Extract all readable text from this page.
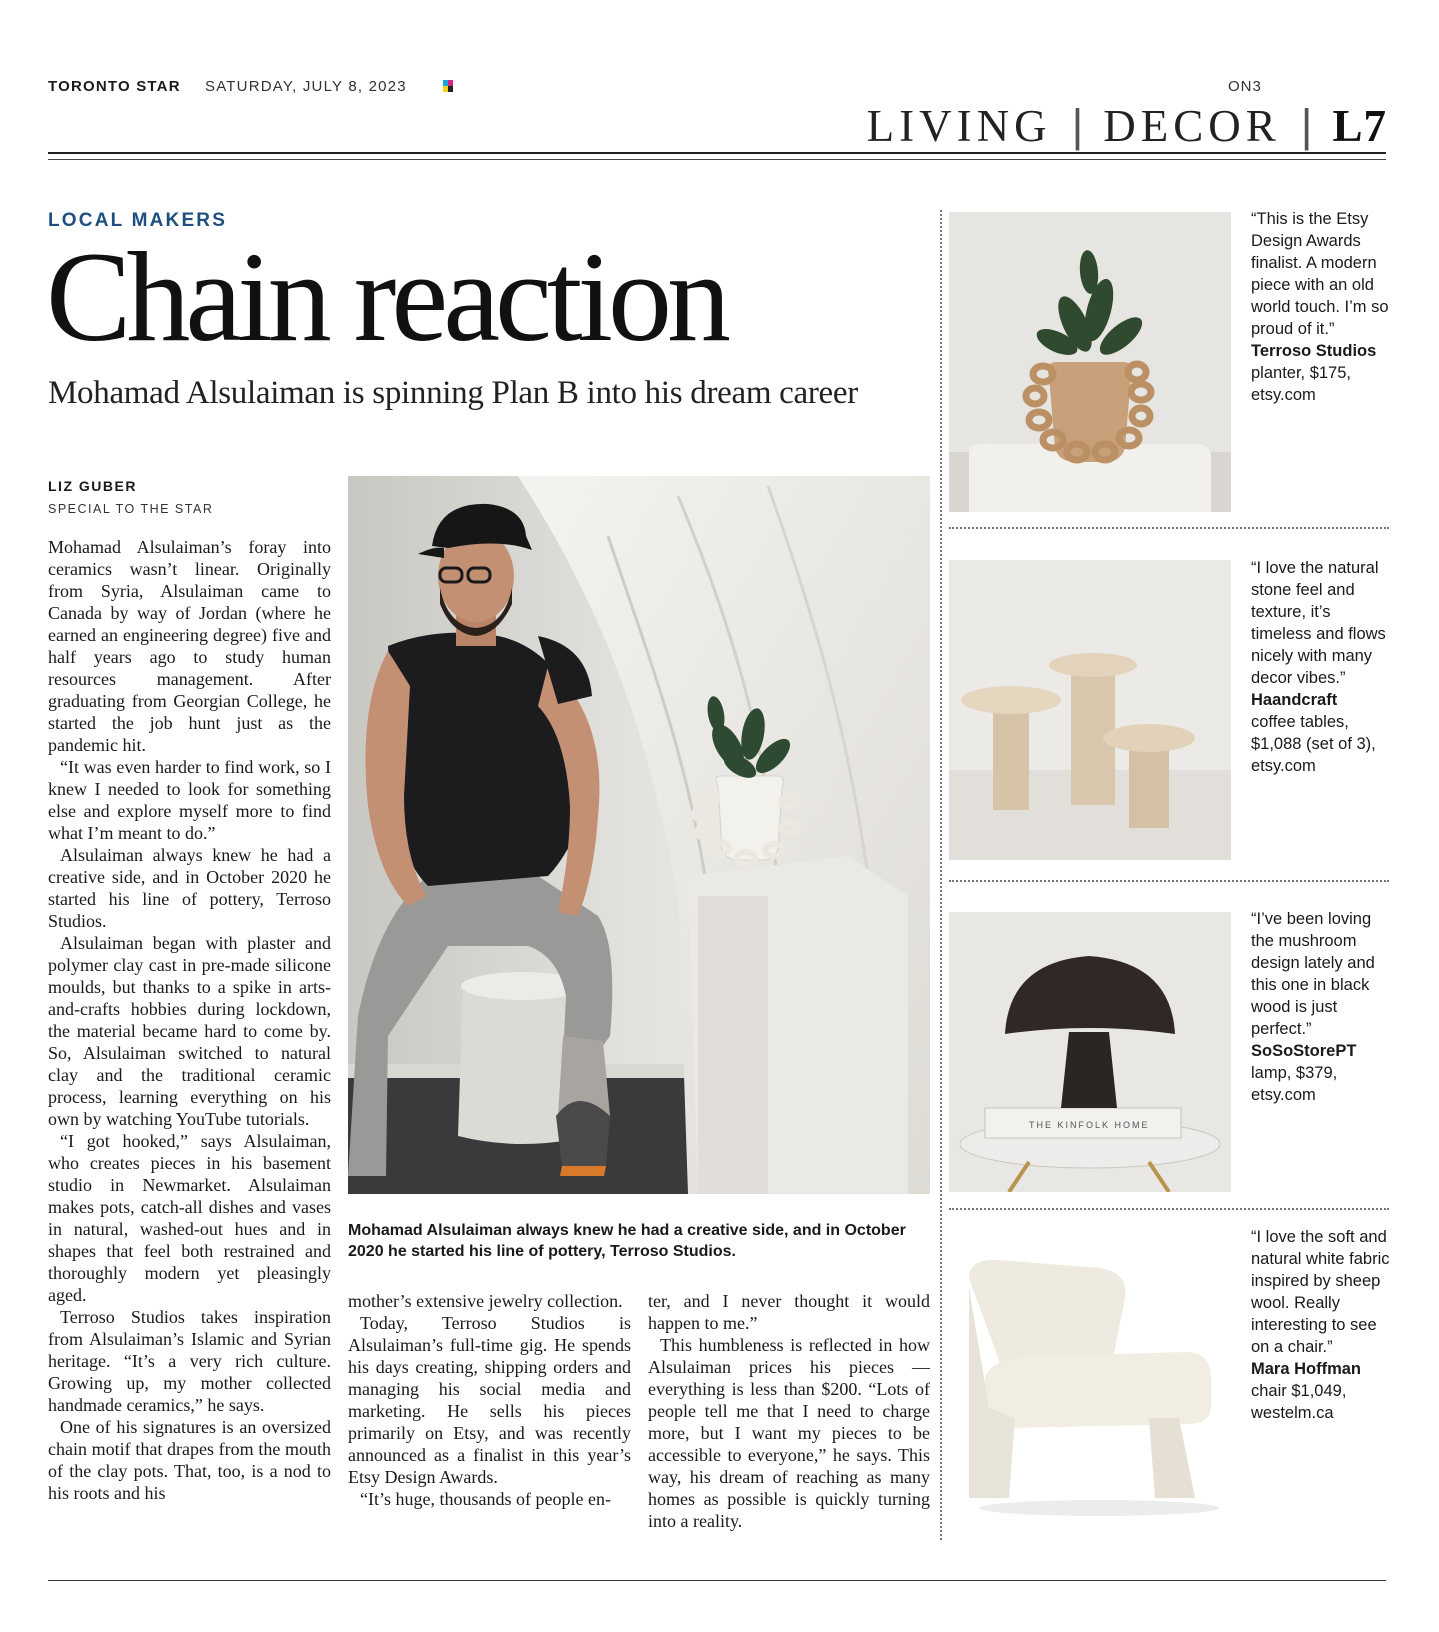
TORONTO STAR SATURDAY, JULY 8, 2023	ON3
LIVING | DECOR | L7
LOCAL MAKERS
Chain reaction
Mohamad Alsulaiman is spinning Plan B into his dream career
LIZ GUBER
SPECIAL TO THE STAR

Mohamad Alsulaiman’s foray into ceramics wasn’t linear. Originally from Syria, Alsulaiman came to Canada by way of Jordan (where he earned an engineering degree) five and half years ago to study human resources management. After graduating from Georgian College, he started the job hunt just as the pandemic hit.

“It was even harder to find work, so I knew I needed to look for something else and explore myself more to find what I’m meant to do.”

Alsulaiman always knew he had a creative side, and in October 2020 he started his line of pottery, Terroso Studios.

Alsulaiman began with plaster and polymer clay cast in pre-made silicone moulds, but thanks to a spike in arts-and-crafts hobbies during lockdown, the material became hard to come by. So, Alsulaiman switched to natural clay and the traditional ceramic process, learning everything on his own by watching YouTube tutorials.

“I got hooked,” says Alsulaiman, who creates pieces in his basement studio in Newmarket. Alsulaiman makes pots, catch-all dishes and vases in natural, washed-out hues and in shapes that feel both restrained and thoroughly modern yet pleasingly aged.

Terroso Studios takes inspiration from Alsulaiman’s Islamic and Syrian heritage. “It’s a very rich culture. Growing up, my mother collected handmade ceramics,” he says.

One of his signatures is an oversized chain motif that drapes from the mouth of the clay pots. That, too, is a nod to his roots and his

Mohamad Alsulaiman always knew he had a creative side, and in October 2020 he started his line of pottery, Terroso Studios.

mother’s extensive jewelry collection.

Today, Terroso Studios is Alsulaiman’s full-time gig. He spends his days creating, shipping orders and managing his social media and marketing. He sells his pieces primarily on Etsy, and was recently announced as a finalist in this year’s Etsy Design Awards.

“It’s huge, thousands of people en-

ter, and I never thought it would happen to me.”

This humbleness is reflected in how Alsulaiman prices his pieces — everything is less than $200. “Lots of people tell me that I need to charge more, but I want my pieces to be accessible to everyone,” he says. This way, his dream of reaching as many homes as possible is quickly turning into a reality.

“This is the Etsy Design Awards finalist. A modern piece with an old world touch. I’m so proud of it.”
Terroso Studios
planter, $175, etsy.com
“I love the natural stone feel and texture, it’s timeless and flows nicely with many decor vibes.”
Haandcraft
coffee tables, $1,088 (set of 3), etsy.com
THE KINFOLK HOME
“I’ve been loving the mushroom design lately and this one in black wood is just perfect.”
SoSoStorePT
lamp, $379, etsy.com
“I love the soft and natural white fabric inspired by sheep wool. Really interesting to see on a chair.”
Mara Hoffman
chair $1,049, westelm.ca
